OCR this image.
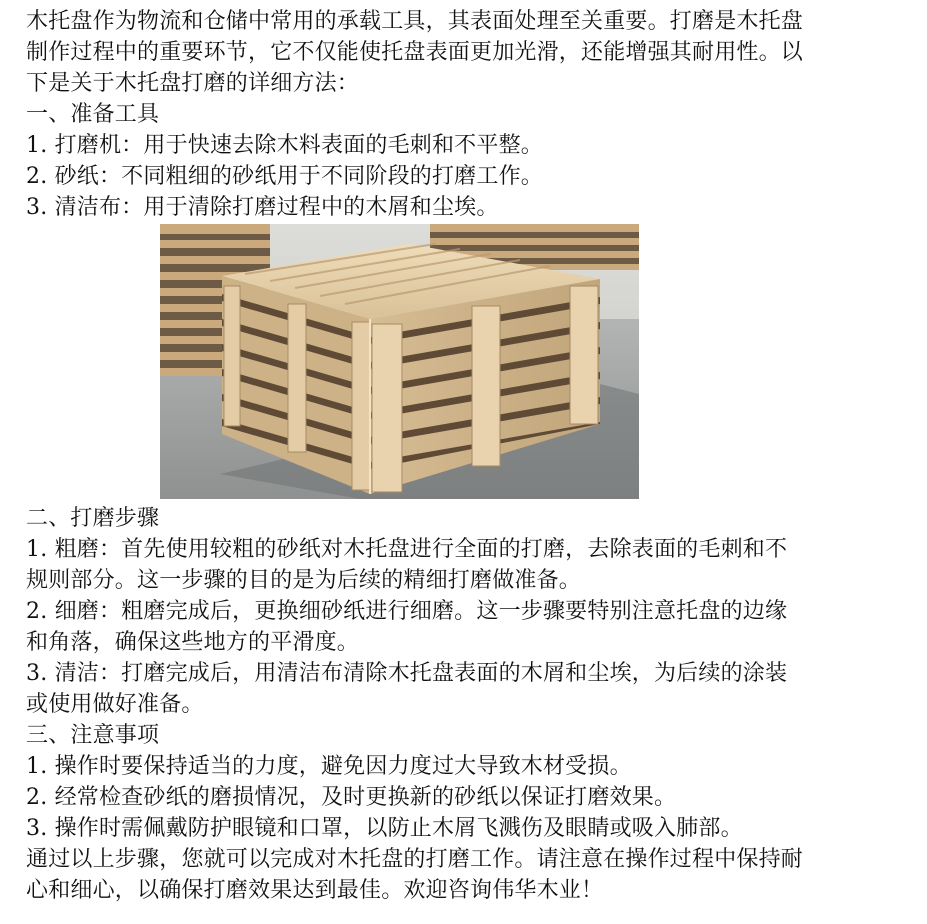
木托盘作为物流和仓储中常用的承载工具，其表面处理至关重要。打磨是木托盘
制作过程中的重要环节，它不仅能使托盘表面更加光滑，还能增强其耐用性。以
下是关于木托盘打磨的详细方法：
一、准备工具
1. 打磨机：用于快速去除木料表面的毛刺和不平整。
2. 砂纸：不同粗细的砂纸用于不同阶段的打磨工作。
3. 清洁布：用于清除打磨过程中的木屑和尘埃。
二、打磨步骤
1. 粗磨：首先使用较粗的砂纸对木托盘进行全面的打磨，去除表面的毛刺和不
规则部分。这一步骤的目的是为后续的精细打磨做准备。
2. 细磨：粗磨完成后，更换细砂纸进行细磨。这一步骤要特别注意托盘的边缘
和角落，确保这些地方的平滑度。
3. 清洁：打磨完成后，用清洁布清除木托盘表面的木屑和尘埃，为后续的涂装
或使用做好准备。
三、注意事项
1. 操作时要保持适当的力度，避免因力度过大导致木材受损。
2. 经常检查砂纸的磨损情况，及时更换新的砂纸以保证打磨效果。
3. 操作时需佩戴防护眼镜和口罩，以防止木屑飞溅伤及眼睛或吸入肺部。
通过以上步骤，您就可以完成对木托盘的打磨工作。请注意在操作过程中保持耐
心和细心，以确保打磨效果达到最佳。欢迎咨询伟华木业！
